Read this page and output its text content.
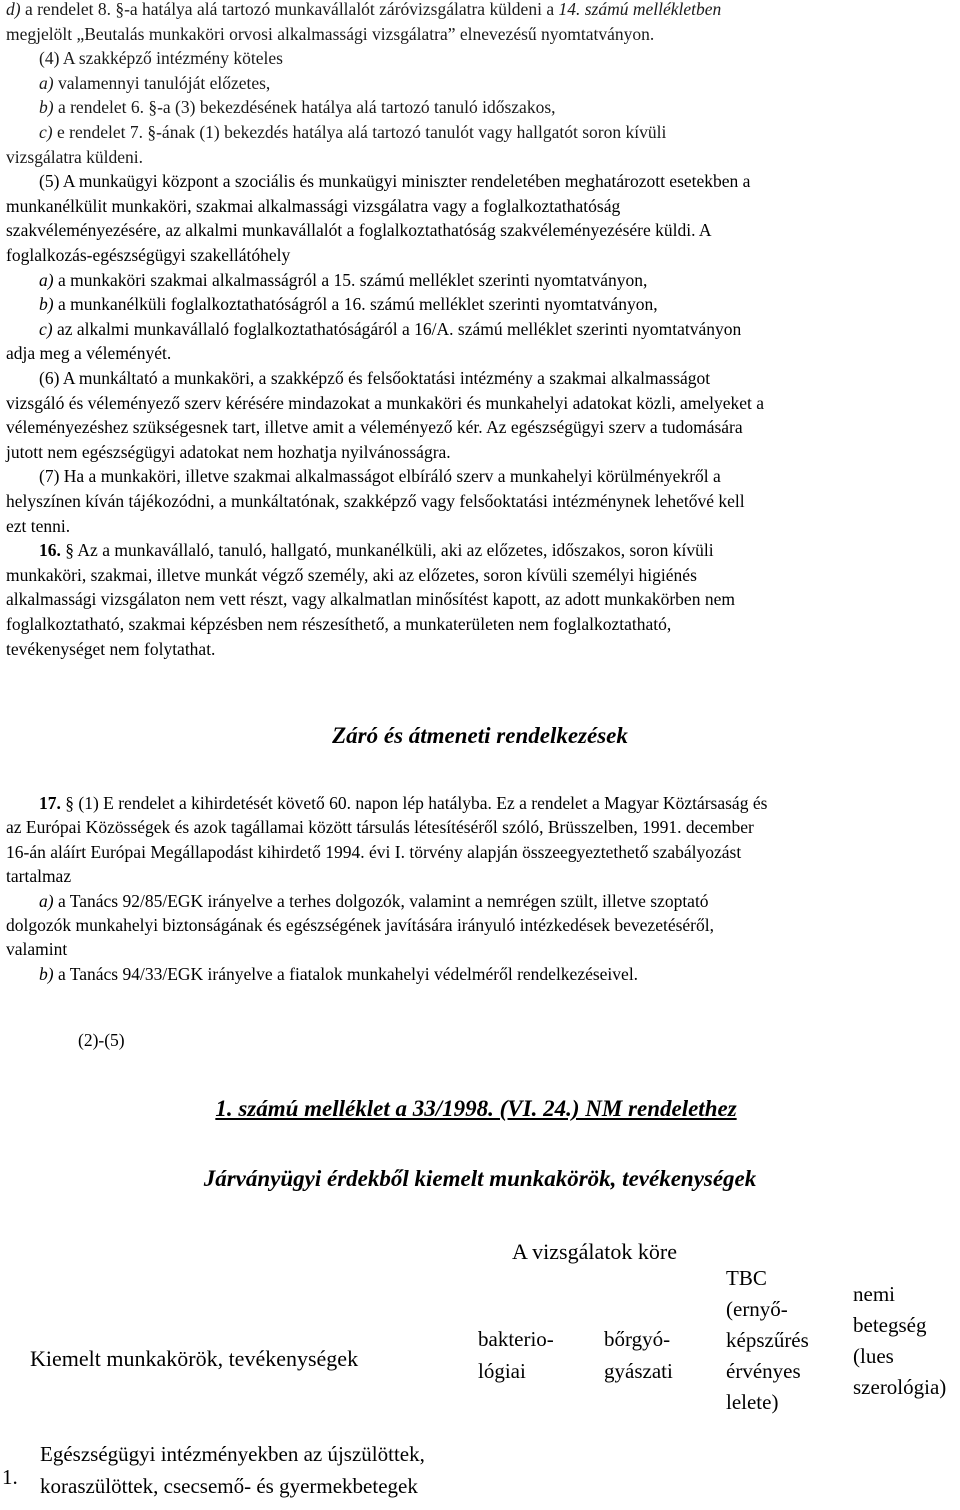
d) a rendelet 8. §-a hatálya alá tartozó munkavállalót záróvizsgálatra küldeni a 14. számú mellékletben
megjelölt „Beutalás munkaköri orvosi alkalmassági vizsgálatra” elnevezésű nyomtatványon.
(4) A szakképző intézmény köteles
a) valamennyi tanulóját előzetes,
b) a rendelet 6. §-a (3) bekezdésének hatálya alá tartozó tanuló időszakos,
c) e rendelet 7. §-ának (1) bekezdés hatálya alá tartozó tanulót vagy hallgatót soron kívüli
vizsgálatra küldeni.
(5) A munkaügyi központ a szociális és munkaügyi miniszter rendeletében meghatározott esetekben a
munkanélkülit munkaköri, szakmai alkalmassági vizsgálatra vagy a foglalkoztathatóság
szakvéleményezésére, az alkalmi munkavállalót a foglalkoztathatóság szakvéleményezésére küldi. A
foglalkozás-egészségügyi szakellátóhely
a) a munkaköri szakmai alkalmasságról a 15. számú melléklet szerinti nyomtatványon,
b) a munkanélküli foglalkoztathatóságról a 16. számú melléklet szerinti nyomtatványon,
c) az alkalmi munkavállaló foglalkoztathatóságáról a 16/A. számú melléklet szerinti nyomtatványon
adja meg a véleményét.
(6) A munkáltató a munkaköri, a szakképző és felsőoktatási intézmény a szakmai alkalmasságot
vizsgáló és véleményező szerv kérésére mindazokat a munkaköri és munkahelyi adatokat közli, amelyeket a
véleményezéshez szükségesnek tart, illetve amit a véleményező kér. Az egészségügyi szerv a tudomására
jutott nem egészségügyi adatokat nem hozhatja nyilvánosságra.
(7) Ha a munkaköri, illetve szakmai alkalmasságot elbíráló szerv a munkahelyi körülményekről a
helyszínen kíván tájékozódni, a munkáltatónak, szakképző vagy felsőoktatási intézménynek lehetővé kell
ezt tenni.
16. § Az a munkavállaló, tanuló, hallgató, munkanélküli, aki az előzetes, időszakos, soron kívüli
munkaköri, szakmai, illetve munkát végző személy, aki az előzetes, soron kívüli személyi higiénés
alkalmassági vizsgálaton nem vett részt, vagy alkalmatlan minősítést kapott, az adott munkakörben nem
foglalkoztatható, szakmai képzésben nem részesíthető, a munkaterületen nem foglalkoztatható,
tevékenységet nem folytathat.
Záró és átmeneti rendelkezések
17. § (1) E rendelet a kihirdetését követő 60. napon lép hatályba. Ez a rendelet a Magyar Köztársaság és
az Európai Közösségek és azok tagállamai között társulás létesítéséről szóló, Brüsszelben, 1991. december
16-án aláírt Európai Megállapodást kihirdető 1994. évi I. törvény alapján összeegyeztethető szabályozást
tartalmaz
a) a Tanács 92/85/EGK irányelve a terhes dolgozók, valamint a nemrégen szült, illetve szoptató
dolgozók munkahelyi biztonságának és egészségének javítására irányuló intézkedések bevezetéséről,
valamint
b) a Tanács 94/33/EGK irányelve a fiatalok munkahelyi védelméről rendelkezéseivel.
(2)-(5)
1. számú melléklet a 33/1998. (VI. 24.) NM rendelethez
Járványügyi érdekből kiemelt munkakörök, tevékenységek
A vizsgálatok köre
Kiemelt munkakörök, tevékenységek
bakterio-
lógiai
bőrgyó-
gyászati
TBC
(ernyő-
képszűrés
érvényes
lelete)
nemi
betegség
(lues
szerológia)
1.
Egészségügyi intézményekben az újszülöttek,
koraszülöttek, csecsemő- és gyermekbetegek
